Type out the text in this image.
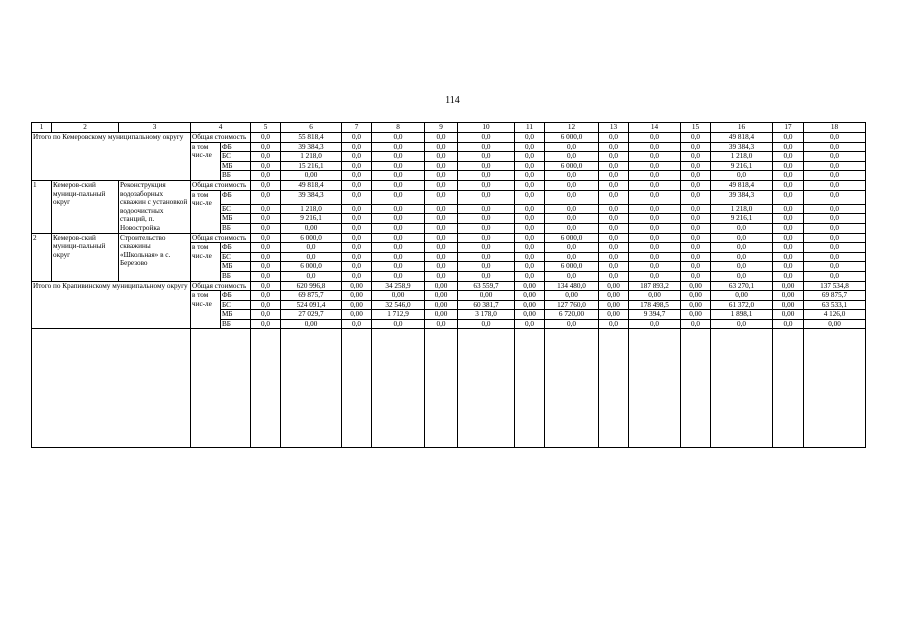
114
1	2	3	4		5	6	7	8	9	10	11	12	13	14	15	16	17	18
Итого по Кемеровскому муниципальному округу			Общая стоимость		0,0	55 818,4	0,0	0,0	0,0	0,0	0,0	6 000,0	0,0	0,0	0,0	49 818,4	0,0	0,0
			в том чис-ле	ФБ	0,0	39 384,3	0,0	0,0	0,0	0,0	0,0	0,0	0,0	0,0	0,0	39 384,3	0,0	0,0
				БС	0,0	1 218,0	0,0	0,0	0,0	0,0	0,0	0,0	0,0	0,0	0,0	1 218,0	0,0	0,0
				МБ	0,0	15 216,1	0,0	0,0	0,0	0,0	0,0	6 000,0	0,0	0,0	0,0	9 216,1	0,0	0,0
				ВБ	0,0	0,00	0,0	0,0	0,0	0,0	0,0	0,0	0,0	0,0	0,0	0,0	0,0	0,0
1	Кемеров-ский муници-пальный округ	Реконструкция водозаборных скважин с установкой водоочистных станций, п. Новостройка	Общая стоимость		0,0	49 818,4	0,0	0,0	0,0	0,0	0,0	0,0	0,0	0,0	0,0	49 818,4	0,0	0,0
			в том чис-ле	ФБ	0,0	39 384,3	0,0	0,0	0,0	0,0	0,0	0,0	0,0	0,0	0,0	39 384,3	0,0	0,0
				БС	0,0	1 218,0	0,0	0,0	0,0	0,0	0,0	0,0	0,0	0,0	0,0	1 218,0	0,0	0,0
				МБ	0,0	9 216,1	0,0	0,0	0,0	0,0	0,0	0,0	0,0	0,0	0,0	9 216,1	0,0	0,0
				ВБ	0,0	0,00	0,0	0,0	0,0	0,0	0,0	0,0	0,0	0,0	0,0	0,0	0,0	0,0
2	Кемеров-ский муници-пальный округ	Строительство скважины «Школьная» в с. Березово	Общая стоимость		0,0	6 000,0	0,0	0,0	0,0	0,0	0,0	6 000,0	0,0	0,0	0,0	0,0	0,0	0,0
			в том чис-ле	ФБ	0,0	0,0	0,0	0,0	0,0	0,0	0,0	0,0	0,0	0,0	0,0	0,0	0,0	0,0
				БС	0,0	0,0	0,0	0,0	0,0	0,0	0,0	0,0	0,0	0,0	0,0	0,0	0,0	0,0
				МБ	0,0	6 000,0	0,0	0,0	0,0	0,0	0,0	6 000,0	0,0	0,0	0,0	0,0	0,0	0,0
				ВБ	0,0	0,0	0,0	0,0	0,0	0,0	0,0	0,0	0,0	0,0	0,0	0,0	0,0	0,0
Итого по Крапивинскому муниципальному округу			Общая стоимость		0,0	620 996,8	0,00	34 258,9	0,00	63 559,7	0,00	134 480,0	0,00	187 893,2	0,00	63 270,1	0,00	137 534,8
			в том чис-ле	ФБ	0,0	69 875,7	0,00	0,00	0,00	0,00	0,00	0,00	0,00	0,00	0,00	0,00	0,00	69 875,7
				БС	0,0	524 091,4	0,00	32 546,0	0,00	60 381,7	0,00	127 760,0	0,00	178 498,5	0,00	61 372,0	0,00	63 533,1
				МБ	0,0	27 029,7	0,00	1 712,9	0,00	3 178,0	0,00	6 720,00	0,00	9 394,7	0,00	1 898,1	0,00	4 126,0
				ВБ	0,0	0,00	0,0	0,0	0,0	0,0	0,0	0,0	0,0	0,0	0,0	0,0	0,0	0,00
